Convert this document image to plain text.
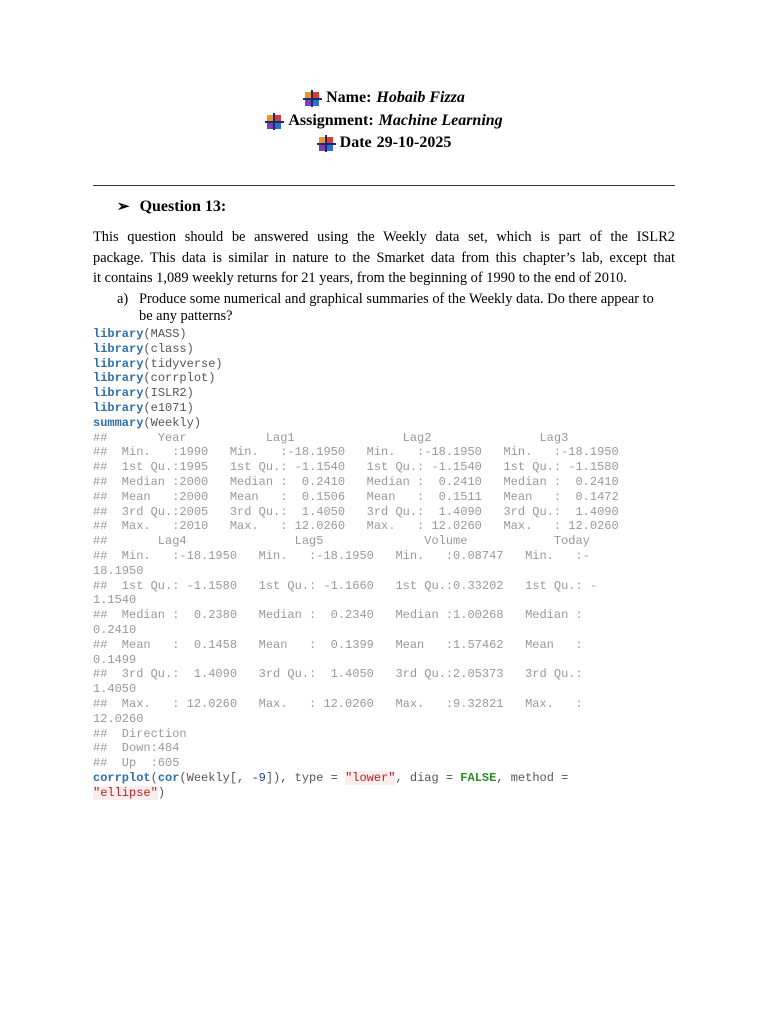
Name: Hobaib Fizza
Assignment: Machine Learning
Date 29-10-2025
➢ Question 13:
This question should be answered using the Weekly data set, which is part of the ISLR2
package. This data is similar in nature to the Smarket data from this chapter’s lab, except that
it contains 1,089 weekly returns for 21 years, from the beginning of 1990 to the end of 2010.
a) Produce some numerical and graphical summaries of the Weekly data. Do there appear to be any patterns?
library(MASS)
library(class)
library(tidyverse)
library(corrplot)
library(ISLR2)
library(e1071)
summary(Weekly)
##       Year           Lag1               Lag2               Lag3
##  Min.   :1990   Min.   :-18.1950   Min.   :-18.1950   Min.   :-18.1950
##  1st Qu.:1995   1st Qu.: -1.1540   1st Qu.: -1.1540   1st Qu.: -1.1580
##  Median :2000   Median :  0.2410   Median :  0.2410   Median :  0.2410
##  Mean   :2000   Mean   :  0.1506   Mean   :  0.1511   Mean   :  0.1472
##  3rd Qu.:2005   3rd Qu.:  1.4050   3rd Qu.:  1.4090   3rd Qu.:  1.4090
##  Max.   :2010   Max.   : 12.0260   Max.   : 12.0260   Max.   : 12.0260
##       Lag4               Lag5              Volume            Today
##  Min.   :-18.1950   Min.   :-18.1950   Min.   :0.08747   Min.   :-
18.1950
##  1st Qu.: -1.1580   1st Qu.: -1.1660   1st Qu.:0.33202   1st Qu.: -
1.1540
##  Median :  0.2380   Median :  0.2340   Median :1.00268   Median :
0.2410
##  Mean   :  0.1458   Mean   :  0.1399   Mean   :1.57462   Mean   :
0.1499
##  3rd Qu.:  1.4090   3rd Qu.:  1.4050   3rd Qu.:2.05373   3rd Qu.:
1.4050
##  Max.   : 12.0260   Max.   : 12.0260   Max.   :9.32821   Max.   :
12.0260
##  Direction
##  Down:484
##  Up  :605
corrplot(cor(Weekly[, -9]), type = "lower", diag = FALSE, method =
"ellipse")
